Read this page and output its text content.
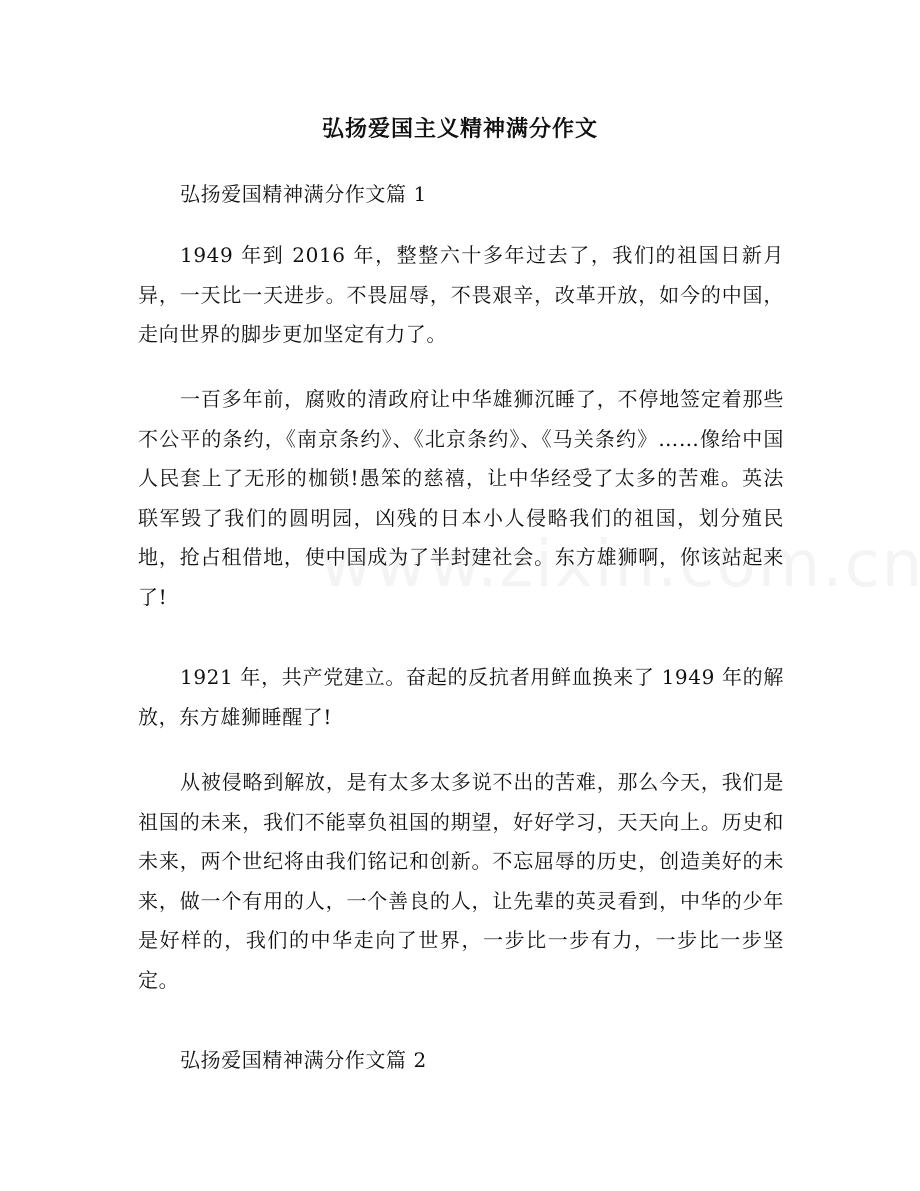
弘扬爱国主义精神满分作文

弘扬爱国精神满分作文篇 1

1949 年到 2016 年，整整六十多年过去了，我们的祖国日新月异，一天比一天进步。不畏屈辱，不畏艰辛，改革开放，如今的中国，走向世界的脚步更加坚定有力了。

一百多年前，腐败的清政府让中华雄狮沉睡了，不停地签定着那些不公平的条约，《南京条约》、《北京条约》、《马关条约》……像给中国人民套上了无形的枷锁!愚笨的慈禧，让中华经受了太多的苦难。英法联军毁了我们的圆明园，凶残的日本小人侵略我们的祖国，划分殖民地，抢占租借地，使中国成为了半封建社会。东方雄狮啊，你该站起来了!

1921 年，共产党建立。奋起的反抗者用鲜血换来了 1949 年的解放，东方雄狮睡醒了!

从被侵略到解放，是有太多太多说不出的苦难，那么今天，我们是祖国的未来，我们不能辜负祖国的期望，好好学习，天天向上。历史和未来，两个世纪将由我们铭记和创新。不忘屈辱的历史，创造美好的未来，做一个有用的人，一个善良的人，让先辈的英灵看到，中华的少年是好样的，我们的中华走向了世界，一步比一步有力，一步比一步坚定。

弘扬爱国精神满分作文篇 2
